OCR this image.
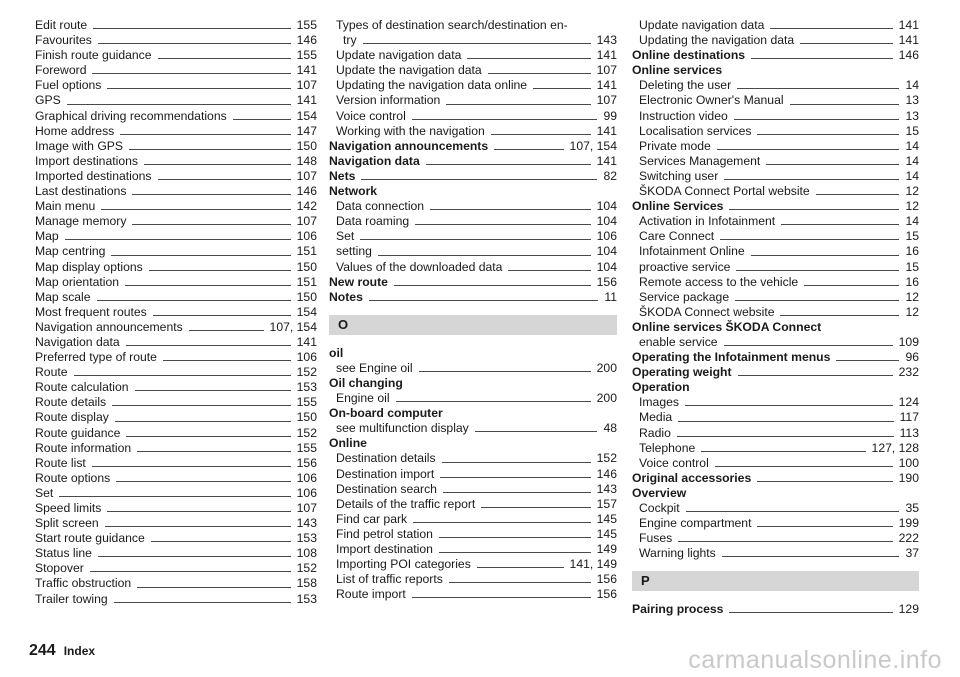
Edit route	155
Favourites	146
Finish route guidance	155
Foreword	141
Fuel options	107
GPS	141
Graphical driving recommendations	154
Home address	147
Image with GPS	150
Import destinations	148
Imported destinations	107
Last destinations	146
Main menu	142
Manage memory	107
Map	106
Map centring	151
Map display options	150
Map orientation	151
Map scale	150
Most frequent routes	154
Navigation announcements	107, 154
Navigation data	141
Preferred type of route	106
Route	152
Route calculation	153
Route details	155
Route display	150
Route guidance	152
Route information	155
Route list	156
Route options	106
Set	106
Speed limits	107
Split screen	143
Start route guidance	153
Status line	108
Stopover	152
Traffic obstruction	158
Trailer towing	153
Types of destination search/destination en-
try	143
Update navigation data	141
Update the navigation data	107
Updating the navigation data online	141
Version information	107
Voice control	99
Working with the navigation	141
Navigation announcements	107, 154
Navigation data	141
Nets	82
Network
Data connection	104
Data roaming	104
Set	106
setting	104
Values of the downloaded data	104
New route	156
Notes	11
O
oil
see Engine oil	200
Oil changing
Engine oil	200
On-board computer
see multifunction display	48
Online
Destination details	152
Destination import	146
Destination search	143
Details of the traffic report	157
Find car park	145
Find petrol station	145
Import destination	149
Importing POI categories	141, 149
List of traffic reports	156
Route import	156
Update navigation data	141
Updating the navigation data	141
Online destinations	146
Online services
Deleting the user	14
Electronic Owner's Manual	13
Instruction video	13
Localisation services	15
Private mode	14
Services Management	14
Switching user	14
ŠKODA Connect Portal website	12
Online Services	12
Activation in Infotainment	14
Care Connect	15
Infotainment Online	16
proactive service	15
Remote access to the vehicle	16
Service package	12
ŠKODA Connect website	12
Online services ŠKODA Connect
enable service	109
Operating the Infotainment menus	96
Operating weight	232
Operation
Images	124
Media	117
Radio	113
Telephone	127, 128
Voice control	100
Original accessories	190
Overview
Cockpit	35
Engine compartment	199
Fuses	222
Warning lights	37
P
Pairing process	129
244 Index	carmanualsonline.info
